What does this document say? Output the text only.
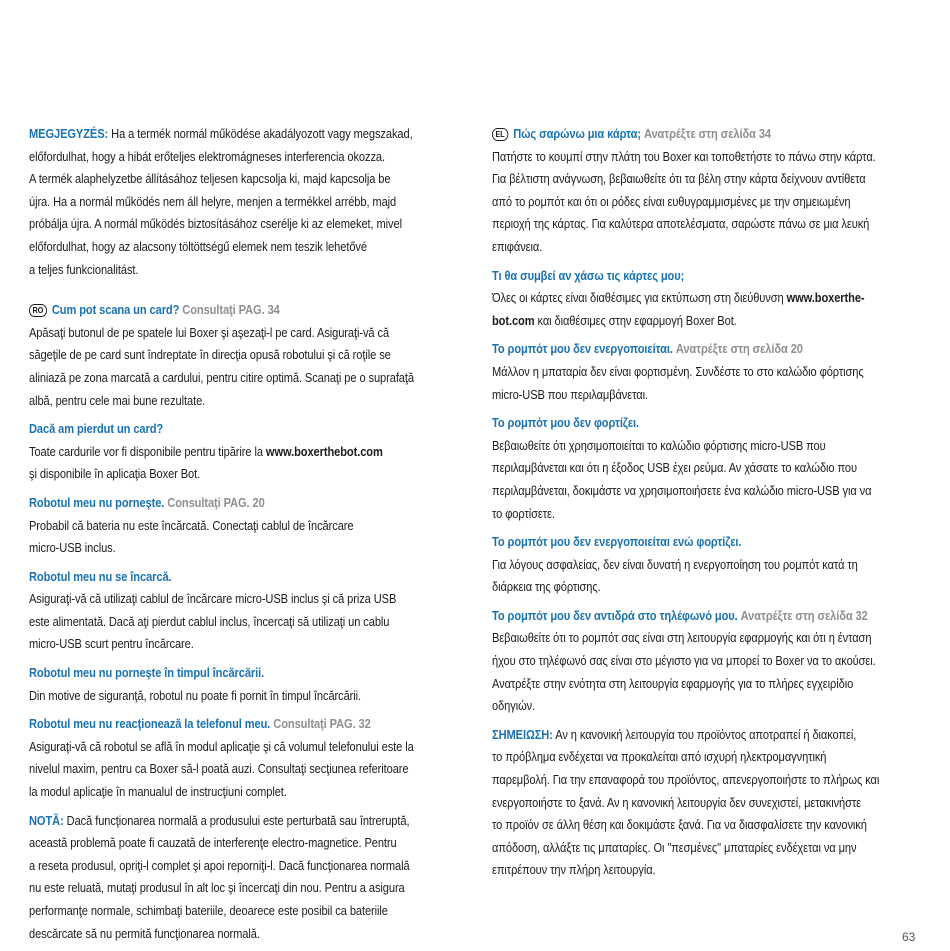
MEGJEGYZÉS: Ha a termék normál működése akadályozott vagy megszakad,

előfordulhat, hogy a hibát erőteljes elektromágneses interferencia okozza.

A termék alaphelyzetbe állításához teljesen kapcsolja ki, majd kapcsolja be

újra. Ha a normál működés nem áll helyre, menjen a termékkel arrébb, majd

próbálja újra. A normál működés biztosításához cserélje ki az elemeket, mivel

előfordulhat, hogy az alacsony töltöttségű elemek nem teszik lehetővé

a teljes funkcionalitást.

RO Cum pot scana un card? Consultaţi PAG. 34

Apăsaţi butonul de pe spatele lui Boxer şi aşezaţi-l pe card. Asiguraţi-vă că

săgeţile de pe card sunt îndreptate în direcţia opusă robotului şi că roţile se

aliniază pe zona marcată a cardului, pentru citire optimă. Scanaţi pe o suprafaţă

albă, pentru cele mai bune rezultate.

Dacă am pierdut un card?

Toate cardurile vor fi disponibile pentru tipărire la www.boxerthebot.com

şi disponibile în aplicaţia Boxer Bot.

Robotul meu nu porneşte. Consultaţi PAG. 20

Probabil că bateria nu este încărcată. Conectaţi cablul de încărcare

micro-USB inclus.

Robotul meu nu se încarcă.

Asiguraţi-vă că utilizaţi cablul de încărcare micro-USB inclus şi că priza USB

este alimentată. Dacă aţi pierdut cablul inclus, încercaţi să utilizaţi un cablu

micro-USB scurt pentru încărcare.

Robotul meu nu porneşte în timpul încărcării.

Din motive de siguranţă, robotul nu poate fi pornit în timpul încărcării.

Robotul meu nu reacţionează la telefonul meu. Consultaţi PAG. 32

Asiguraţi-vă că robotul se află în modul aplicaţie şi că volumul telefonului este la

nivelul maxim, pentru ca Boxer să-l poată auzi. Consultaţi secţiunea referitoare

la modul aplicaţie în manualul de instrucţiuni complet.

NOTĂ: Dacă funcţionarea normală a produsului este perturbată sau întreruptă,

această problemă poate fi cauzată de interferenţe electro-magnetice. Pentru

a reseta produsul, opriţi-l complet şi apoi reporniţi-l. Dacă funcţionarea normală

nu este reluată, mutaţi produsul în alt loc şi încercaţi din nou. Pentru a asigura

performanţe normale, schimbaţi bateriile, deoarece este posibil ca bateriile

descărcate să nu permită funcţionarea normală.

EL Πώς σαρώνω μια κάρτα; Ανατρέξτε στη σελίδα 34

Πατήστε το κουμπί στην πλάτη του Boxer και τοποθετήστε το πάνω στην κάρτα.

Για βέλτιστη ανάγνωση, βεβαιωθείτε ότι τα βέλη στην κάρτα δείχνουν αντίθετα

από το ρομπότ και ότι οι ρόδες είναι ευθυγραμμισμένες με την σημειωμένη

περιοχή της κάρτας. Για καλύτερα αποτελέσματα, σαρώστε πάνω σε μια λευκή

επιφάνεια.

Τι θα συμβεί αν χάσω τις κάρτες μου;

Όλες οι κάρτες είναι διαθέσιμες για εκτύπωση στη διεύθυνση www.boxerthe-

bot.com και διαθέσιμες στην εφαρμογή Boxer Bot.

Το ρομπότ μου δεν ενεργοποιείται. Ανατρέξτε στη σελίδα 20

Μάλλον η μπαταρία δεν είναι φορτισμένη. Συνδέστε το στο καλώδιο φόρτισης

micro-USB που περιλαμβάνεται.

Το ρομπότ μου δεν φορτίζει.

Βεβαιωθείτε ότι χρησιμοποιείται το καλώδιο φόρτισης micro-USB που

περιλαμβάνεται και ότι η έξοδος USB έχει ρεύμα. Αν χάσατε το καλώδιο που

περιλαμβάνεται, δοκιμάστε να χρησιμοποιήσετε ένα καλώδιο micro-USB για να

το φορτίσετε.

Το ρομπότ μου δεν ενεργοποιείται ενώ φορτίζει.

Για λόγους ασφαλείας, δεν είναι δυνατή η ενεργοποίηση του ρομπότ κατά τη

διάρκεια της φόρτισης.

Το ρομπότ μου δεν αντιδρά στο τηλέφωνό μου. Ανατρέξτε στη σελίδα 32

Βεβαιωθείτε ότι το ρομπότ σας είναι στη λειτουργία εφαρμογής και ότι η ένταση

ήχου στο τηλέφωνό σας είναι στο μέγιστο για να μπορεί το Boxer να το ακούσει.

Ανατρέξτε στην ενότητα στη λειτουργία εφαρμογής για το πλήρες εγχειρίδιο

οδηγιών.

ΣΗΜΕΙΩΣΗ: Αν η κανονική λειτουργία του προϊόντος αποτραπεί ή διακοπεί,

το πρόβλημα ενδέχεται να προκαλείται από ισχυρή ηλεκτρομαγνητική

παρεμβολή. Για την επαναφορά του προϊόντος, απενεργοποιήστε το πλήρως και

ενεργοποιήστε το ξανά. Αν η κανονική λειτουργία δεν συνεχιστεί, μετακινήστε

το προϊόν σε άλλη θέση και δοκιμάστε ξανά. Για να διασφαλίσετε την κανονική

απόδοση, αλλάξτε τις μπαταρίες. Οι "πεσμένες" μπαταρίες ενδέχεται να μην

επιτρέπουν την πλήρη λειτουργία.

63
